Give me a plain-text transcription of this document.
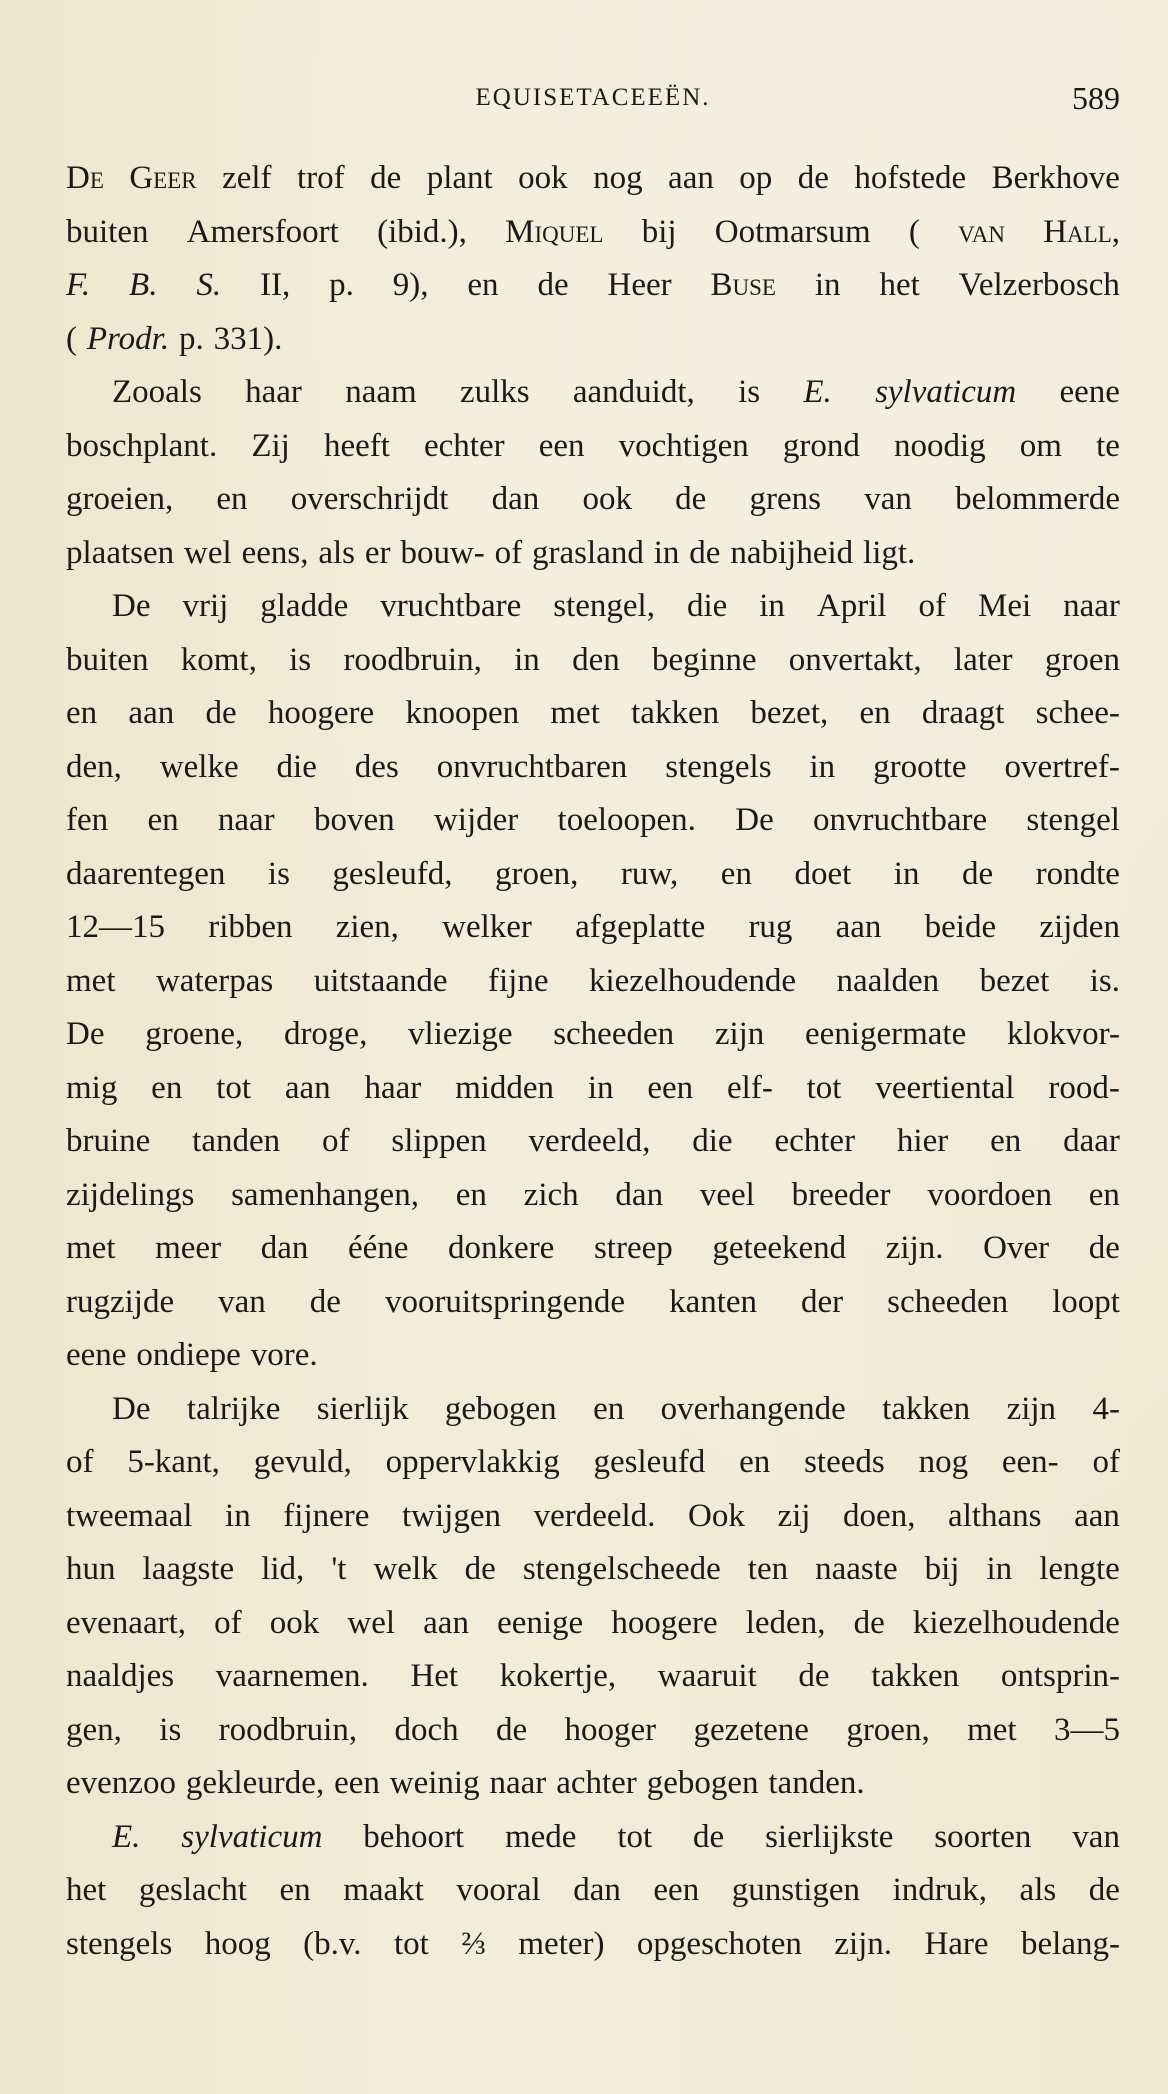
EQUISETACEEËN.	589
De Geer zelf trof de plant ook nog aan op de hofstede Berkhove
buiten Amersfoort (ibid.), Miquel bij Ootmarsum ( van Hall,
F. B. S. II, p. 9), en de Heer Buse in het Velzerbosch
( Prodr. p. 331).
Zooals haar naam zulks aanduidt, is E. sylvaticum eene
boschplant. Zij heeft echter een vochtigen grond noodig om te
groeien, en overschrijdt dan ook de grens van belommerde
plaatsen wel eens, als er bouw- of grasland in de nabijheid ligt.
De vrij gladde vruchtbare stengel, die in April of Mei naar
buiten komt, is roodbruin, in den beginne onvertakt, later groen
en aan de hoogere knoopen met takken bezet, en draagt schee-
den, welke die des onvruchtbaren stengels in grootte overtref-
fen en naar boven wijder toeloopen. De onvruchtbare stengel
daarentegen is gesleufd, groen, ruw, en doet in de rondte
12—15 ribben zien, welker afgeplatte rug aan beide zijden
met waterpas uitstaande fijne kiezelhoudende naalden bezet is.
De groene, droge, vliezige scheeden zijn eenigermate klokvor-
mig en tot aan haar midden in een elf- tot veertiental rood-
bruine tanden of slippen verdeeld, die echter hier en daar
zijdelings samenhangen, en zich dan veel breeder voordoen en
met meer dan ééne donkere streep geteekend zijn. Over de
rugzijde van de vooruitspringende kanten der scheeden loopt
eene ondiepe vore.
De talrijke sierlijk gebogen en overhangende takken zijn 4-
of 5-kant, gevuld, oppervlakkig gesleufd en steeds nog een- of
tweemaal in fijnere twijgen verdeeld. Ook zij doen, althans aan
hun laagste lid, 't welk de stengelscheede ten naaste bij in lengte
evenaart, of ook wel aan eenige hoogere leden, de kiezelhoudende
naaldjes vaarnemen. Het kokertje, waaruit de takken ontsprin-
gen, is roodbruin, doch de hooger gezetene groen, met 3—5
evenzoo gekleurde, een weinig naar achter gebogen tanden.
E. sylvaticum behoort mede tot de sierlijkste soorten van
het geslacht en maakt vooral dan een gunstigen indruk, als de
stengels hoog (b.v. tot ⅔ meter) opgeschoten zijn. Hare belang-
